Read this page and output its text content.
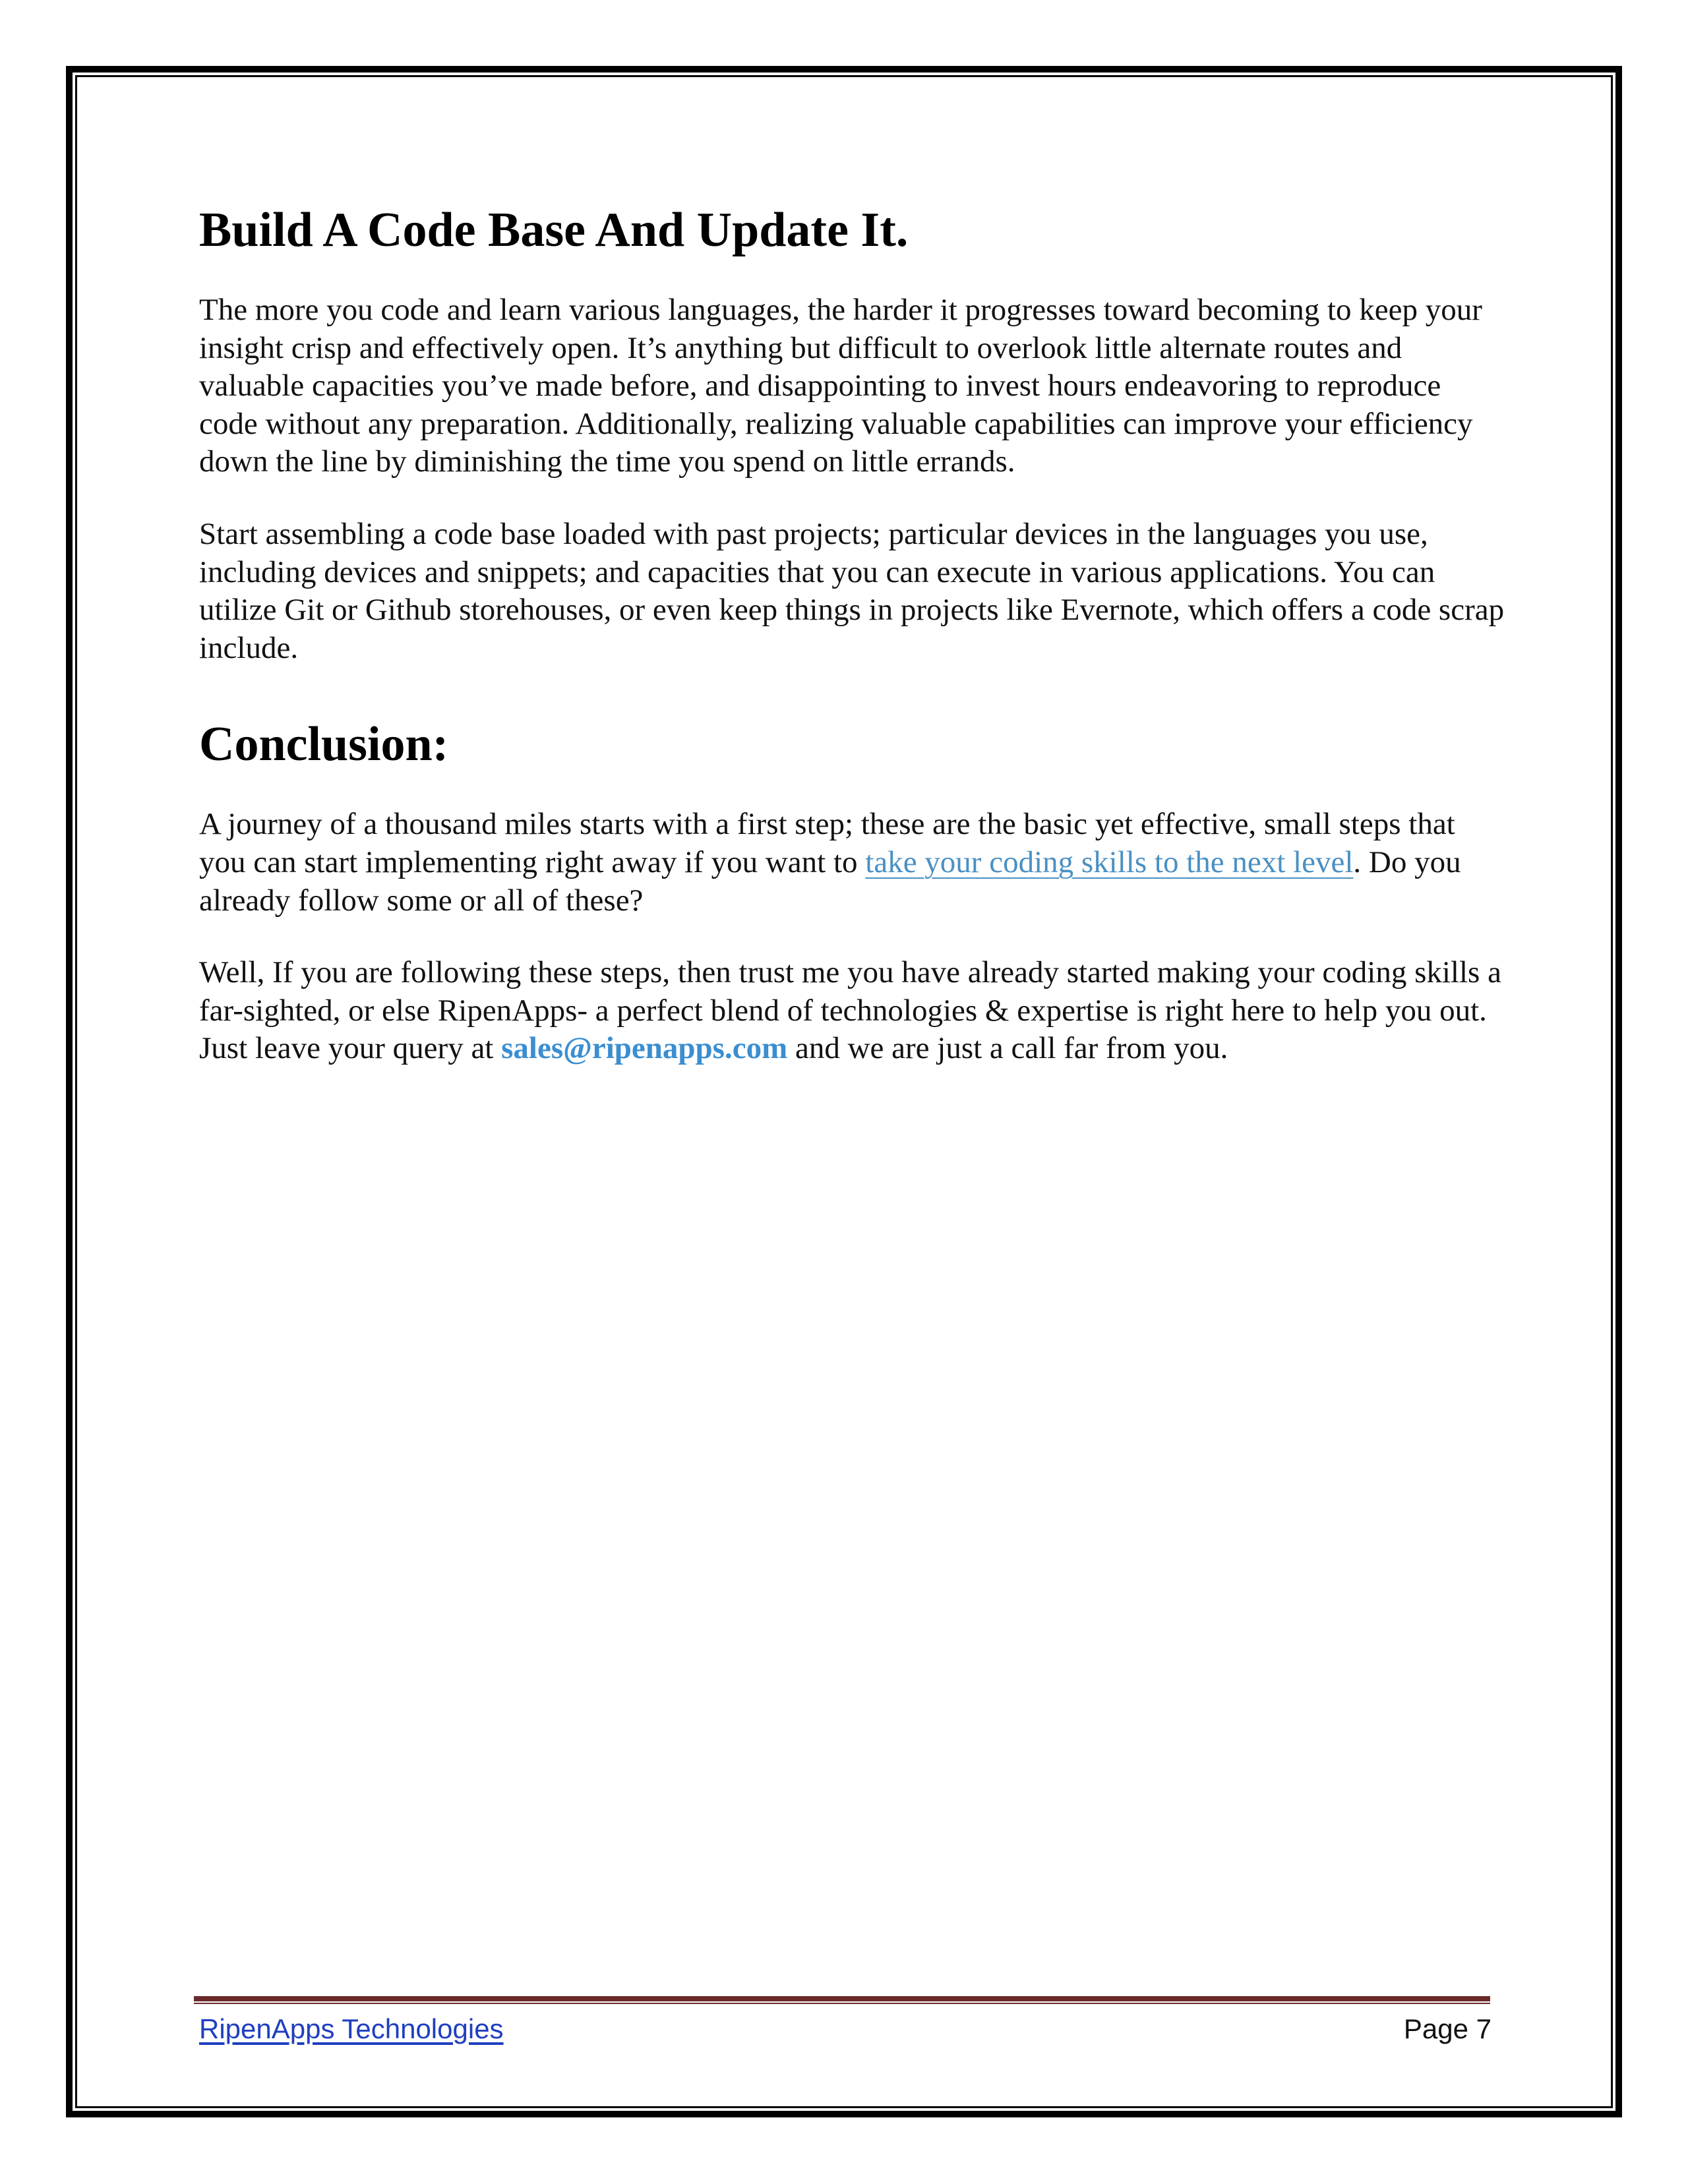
Build A Code Base And Update It.

The more you code and learn various languages, the harder it progresses toward becoming to keep your insight crisp and effectively open. It’s anything but difficult to overlook little alternate routes and valuable capacities you’ve made before, and disappointing to invest hours endeavoring to reproduce code without any preparation. Additionally, realizing valuable capabilities can improve your efficiency down the line by diminishing the time you spend on little errands.

Start assembling a code base loaded with past projects; particular devices in the languages you use, including devices and snippets; and capacities that you can execute in various applications. You can utilize Git or Github storehouses, or even keep things in projects like Evernote, which offers a code scrap include.

Conclusion:

A journey of a thousand miles starts with a first step; these are the basic yet effective, small steps that you can start implementing right away if you want to take your coding skills to the next level. Do you already follow some or all of these?

Well, If you are following these steps, then trust me you have already started making your coding skills a far-sighted, or else RipenApps- a perfect blend of technologies & expertise is right here to help you out. Just leave your query at sales@ripenapps.com and we are just a call far from you.

RipenApps Technologies	Page 7
